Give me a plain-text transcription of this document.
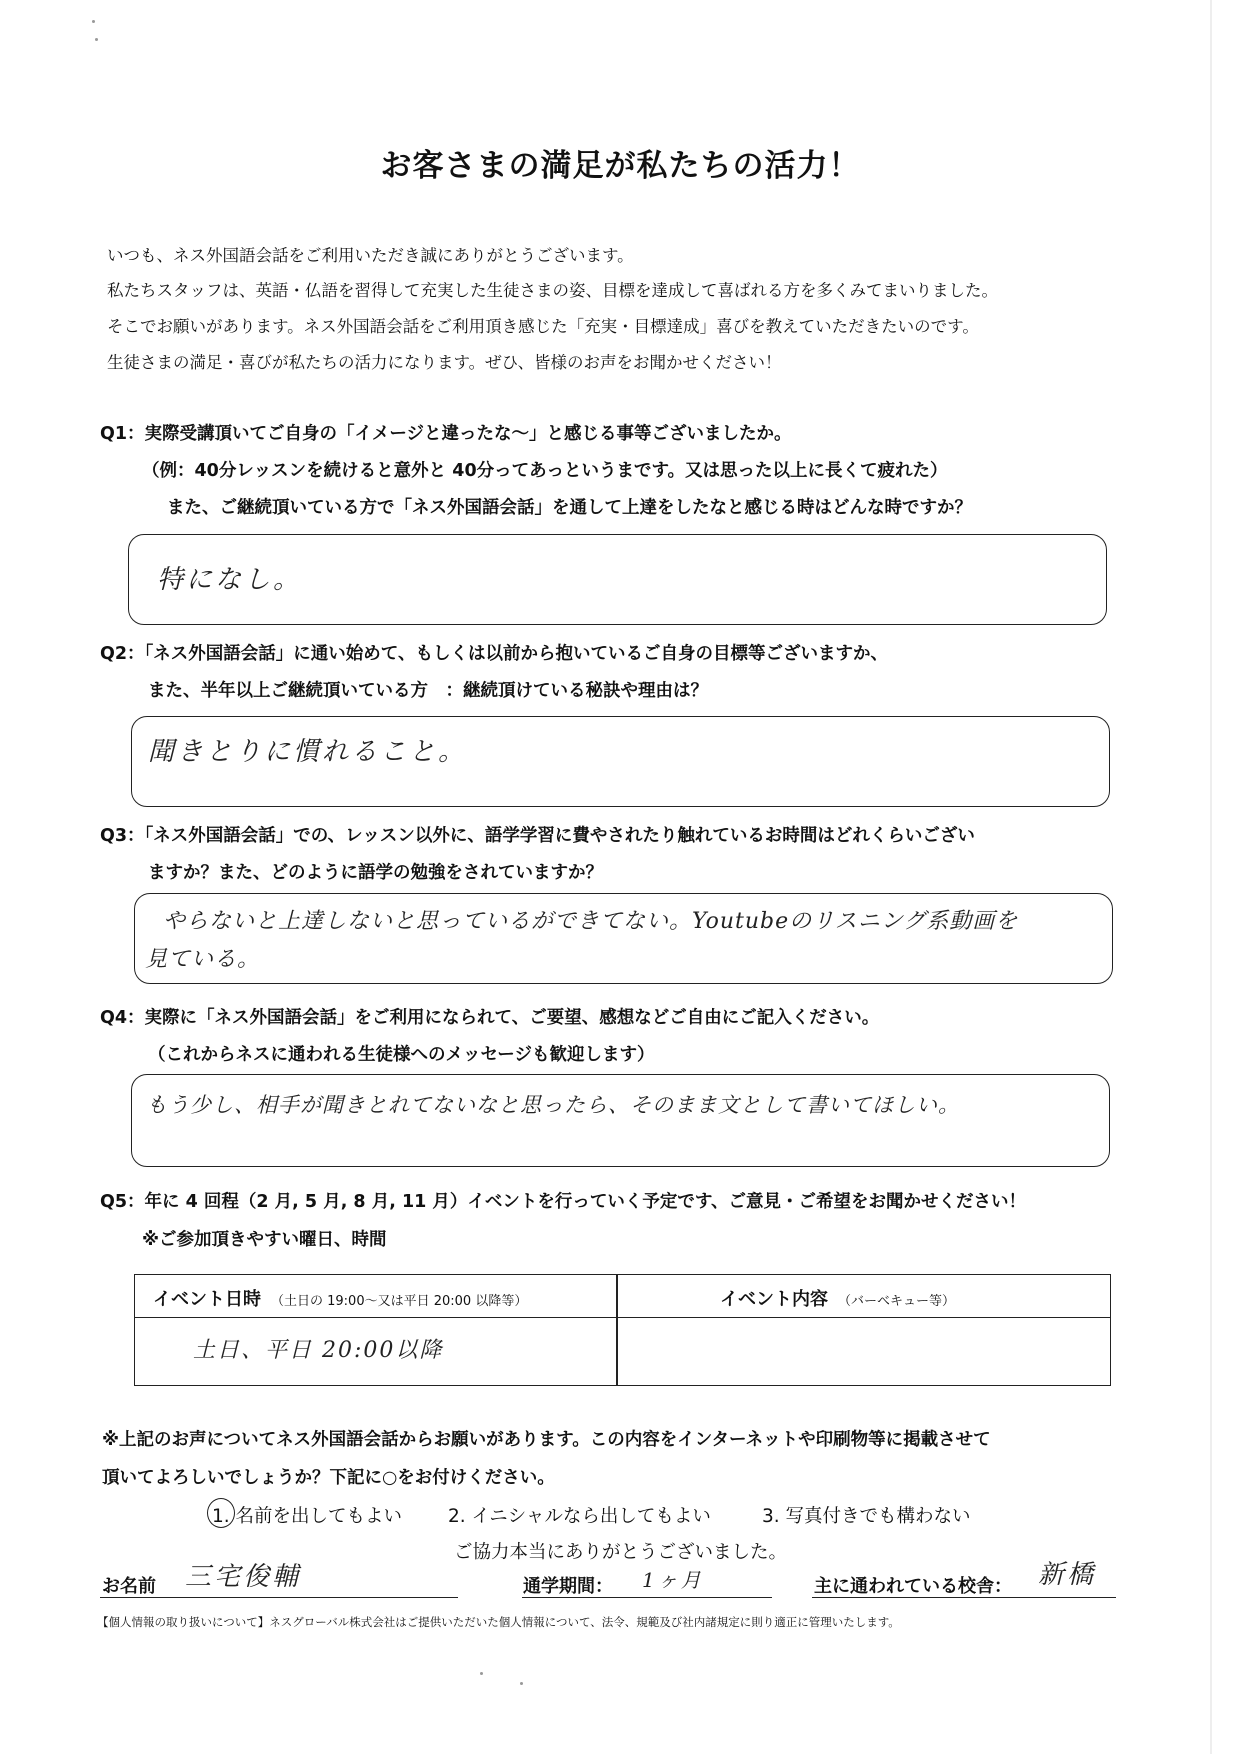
お客さまの満足が私たちの活力！
いつも、ネス外国語会話をご利用いただき誠にありがとうございます。
私たちスタッフは、英語・仏語を習得して充実した生徒さまの姿、目標を達成して喜ばれる方を多くみてまいりました。
そこでお願いがあります。ネス外国語会話をご利用頂き感じた「充実・目標達成」喜びを教えていただきたいのです。
生徒さまの満足・喜びが私たちの活力になります。ぜひ、皆様のお声をお聞かせください！
Q1：実際受講頂いてご自身の「イメージと違ったな～」と感じる事等ございましたか。
（例：40分レッスンを続けると意外と 40分ってあっというまです。又は思った以上に長くて疲れた）
また、ご継続頂いている方で「ネス外国語会話」を通して上達をしたなと感じる時はどんな時ですか？
特になし。
Q2：「ネス外国語会話」に通い始めて、もしくは以前から抱いているご自身の目標等ございますか、
また、半年以上ご継続頂いている方　：継続頂けている秘訣や理由は？
聞きとりに慣れること。
Q3：「ネス外国語会話」での、レッスン以外に、語学学習に費やされたり触れているお時間はどれくらいござい
ますか？また、どのように語学の勉強をされていますか？
やらないと上達しないと思っているができてない。Youtubeのリスニング系動画を
見ている。
Q4：実際に「ネス外国語会話」をご利用になられて、ご要望、感想などご自由にご記入ください。
（これからネスに通われる生徒様へのメッセージも歓迎します）
もう少し、相手が聞きとれてないなと思ったら、そのまま文として書いてほしい。
Q5：年に 4 回程（2 月, 5 月, 8 月, 11 月）イベントを行っていく予定です、ご意見・ご希望をお聞かせください！
※ご参加頂きやすい曜日、時間
イベント日時 （土日の 19:00～又は平日 20:00 以降等）	イベント内容 （バーベキュー等）
土日、平日 20:00以降
※上記のお声についてネス外国語会話からお願いがあります。この内容をインターネットや印刷物等に掲載させて
頂いてよろしいでしょうか？下記に○をお付けください。
1. 名前を出してもよい 2. イニシャルなら出してもよい	3. 写真付きでも構わない
ご協力本当にありがとうございました。
お名前 三宅俊輔	通学期間： 1ヶ月	主に通われている校舎： 新橋
【個人情報の取り扱いについて】ネスグローバル株式会社はご提供いただいた個人情報について、法令、規範及び社内諸規定に則り適正に管理いたします。
